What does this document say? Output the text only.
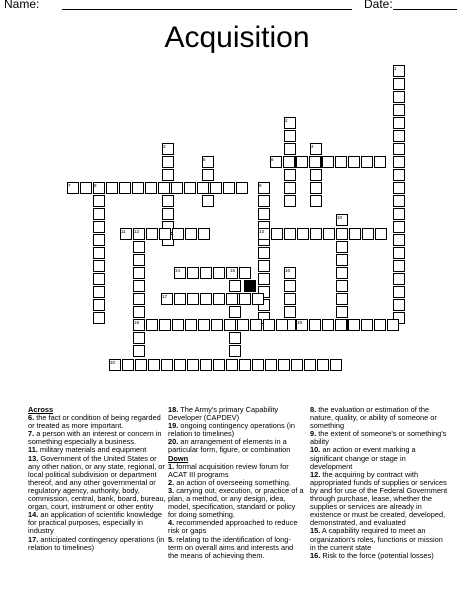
Name:	Date:
Acquisition
1
2
3	4
5	6
7	8	9
10
11 12	13
14	15	16
17
18	19
20
Across
6. the fact or condition of being regarded or treated as more important.
7. a person with an interest or concern in something especially a business.
11. military materials and equipment
13. Government of the United States or any other nation, or any state, regional, or local political subdivision or department thereof, and any other governmental or regulatory agency, authority, body, commission, central, bank, board, bureau, organ, court, instrument or other entity
14. an application of scientific knowledge for practical purposes, especially in industry
17. anticipated contingency operations (in relation to timelines)
18. The Army's primary Capability Developer (CAPDEV)
19. ongoing contingency operations (in relation to timelines)
20. an arrangement of elements in a particular form, figure, or combination
Down
1. formal acquisition review forum for ACAT III programs
2. an action of overseeing something.
3. carrying out, execution, or practice of a plan, a method, or any design, idea, model, specification, standard or policy for doing something.
4. recommended approached to reduce risk or gaps
5. relating to the identification of long-term on overall aims and interests and the means of achieving them.
8. the evaluation or estimation of the nature, quality, or ability of someone or something
9. the extent of someone's or something's ability
10. an action or event marking a significant change or stage in development
12. the acquiring by contract with appropriated funds of supplies or services by and for use of the Federal Government through purchase, lease, whether the supplies or services are already in existence or must be created, developed, demonstrated, and evaluated
15. A capability required to meet an organization's roles, functions or mission in the current state
16. Risk to the force (potential losses)
